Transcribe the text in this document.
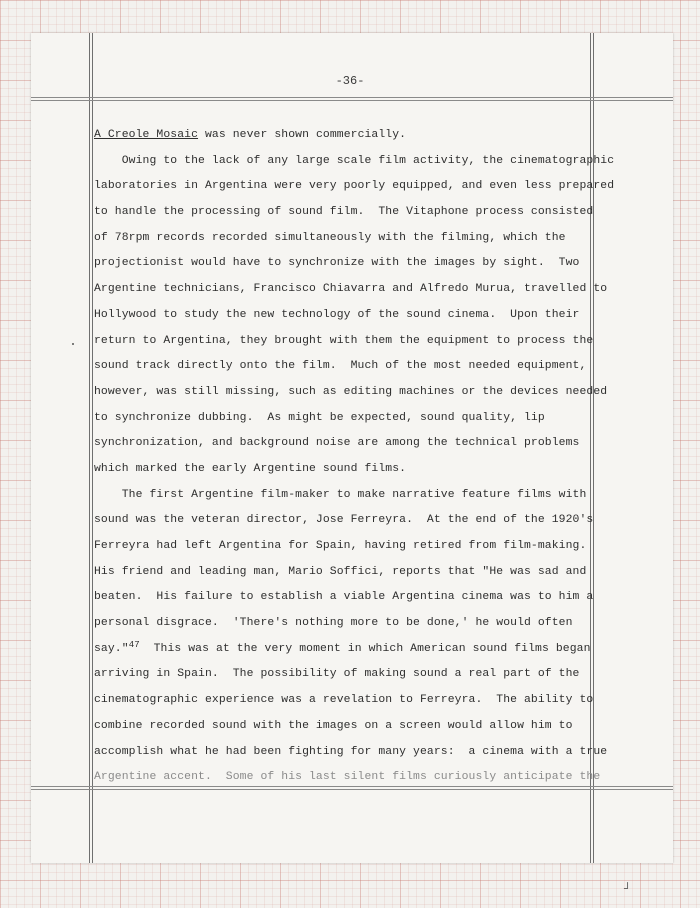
┘
-36-
A Creole Mosaic was never shown commercially.
Owing to the lack of any large scale film activity, the cinematographic
laboratories in Argentina were very poorly equipped, and even less prepared
to handle the processing of sound film.  The Vitaphone process consisted
of 78rpm records recorded simultaneously with the filming, which the
projectionist would have to synchronize with the images by sight.  Two
Argentine technicians, Francisco Chiavarra and Alfredo Murua, travelled to
Hollywood to study the new technology of the sound cinema.  Upon their
return to Argentina, they brought with them the equipment to process the
sound track directly onto the film.  Much of the most needed equipment,
however, was still missing, such as editing machines or the devices needed
to synchronize dubbing.  As might be expected, sound quality, lip
synchronization, and background noise are among the technical problems
which marked the early Argentine sound films.
The first Argentine film-maker to make narrative feature films with
sound was the veteran director, Jose Ferreyra.  At the end of the 1920's
Ferreyra had left Argentina for Spain, having retired from film-making.
His friend and leading man, Mario Soffici, reports that "He was sad and
beaten.  His failure to establish a viable Argentina cinema was to him a
personal disgrace.  'There's nothing more to be done,' he would often
say."$^{47}$  This was at the very moment in which American sound films began
arriving in Spain.  The possibility of making sound a real part of the
cinematographic experience was a revelation to Ferreyra.  The ability to
combine recorded sound with the images on a screen would allow him to
accomplish what he had been fighting for many years:  a cinema with a true
Argentine accent.  Some of his last silent films curiously anticipate the
